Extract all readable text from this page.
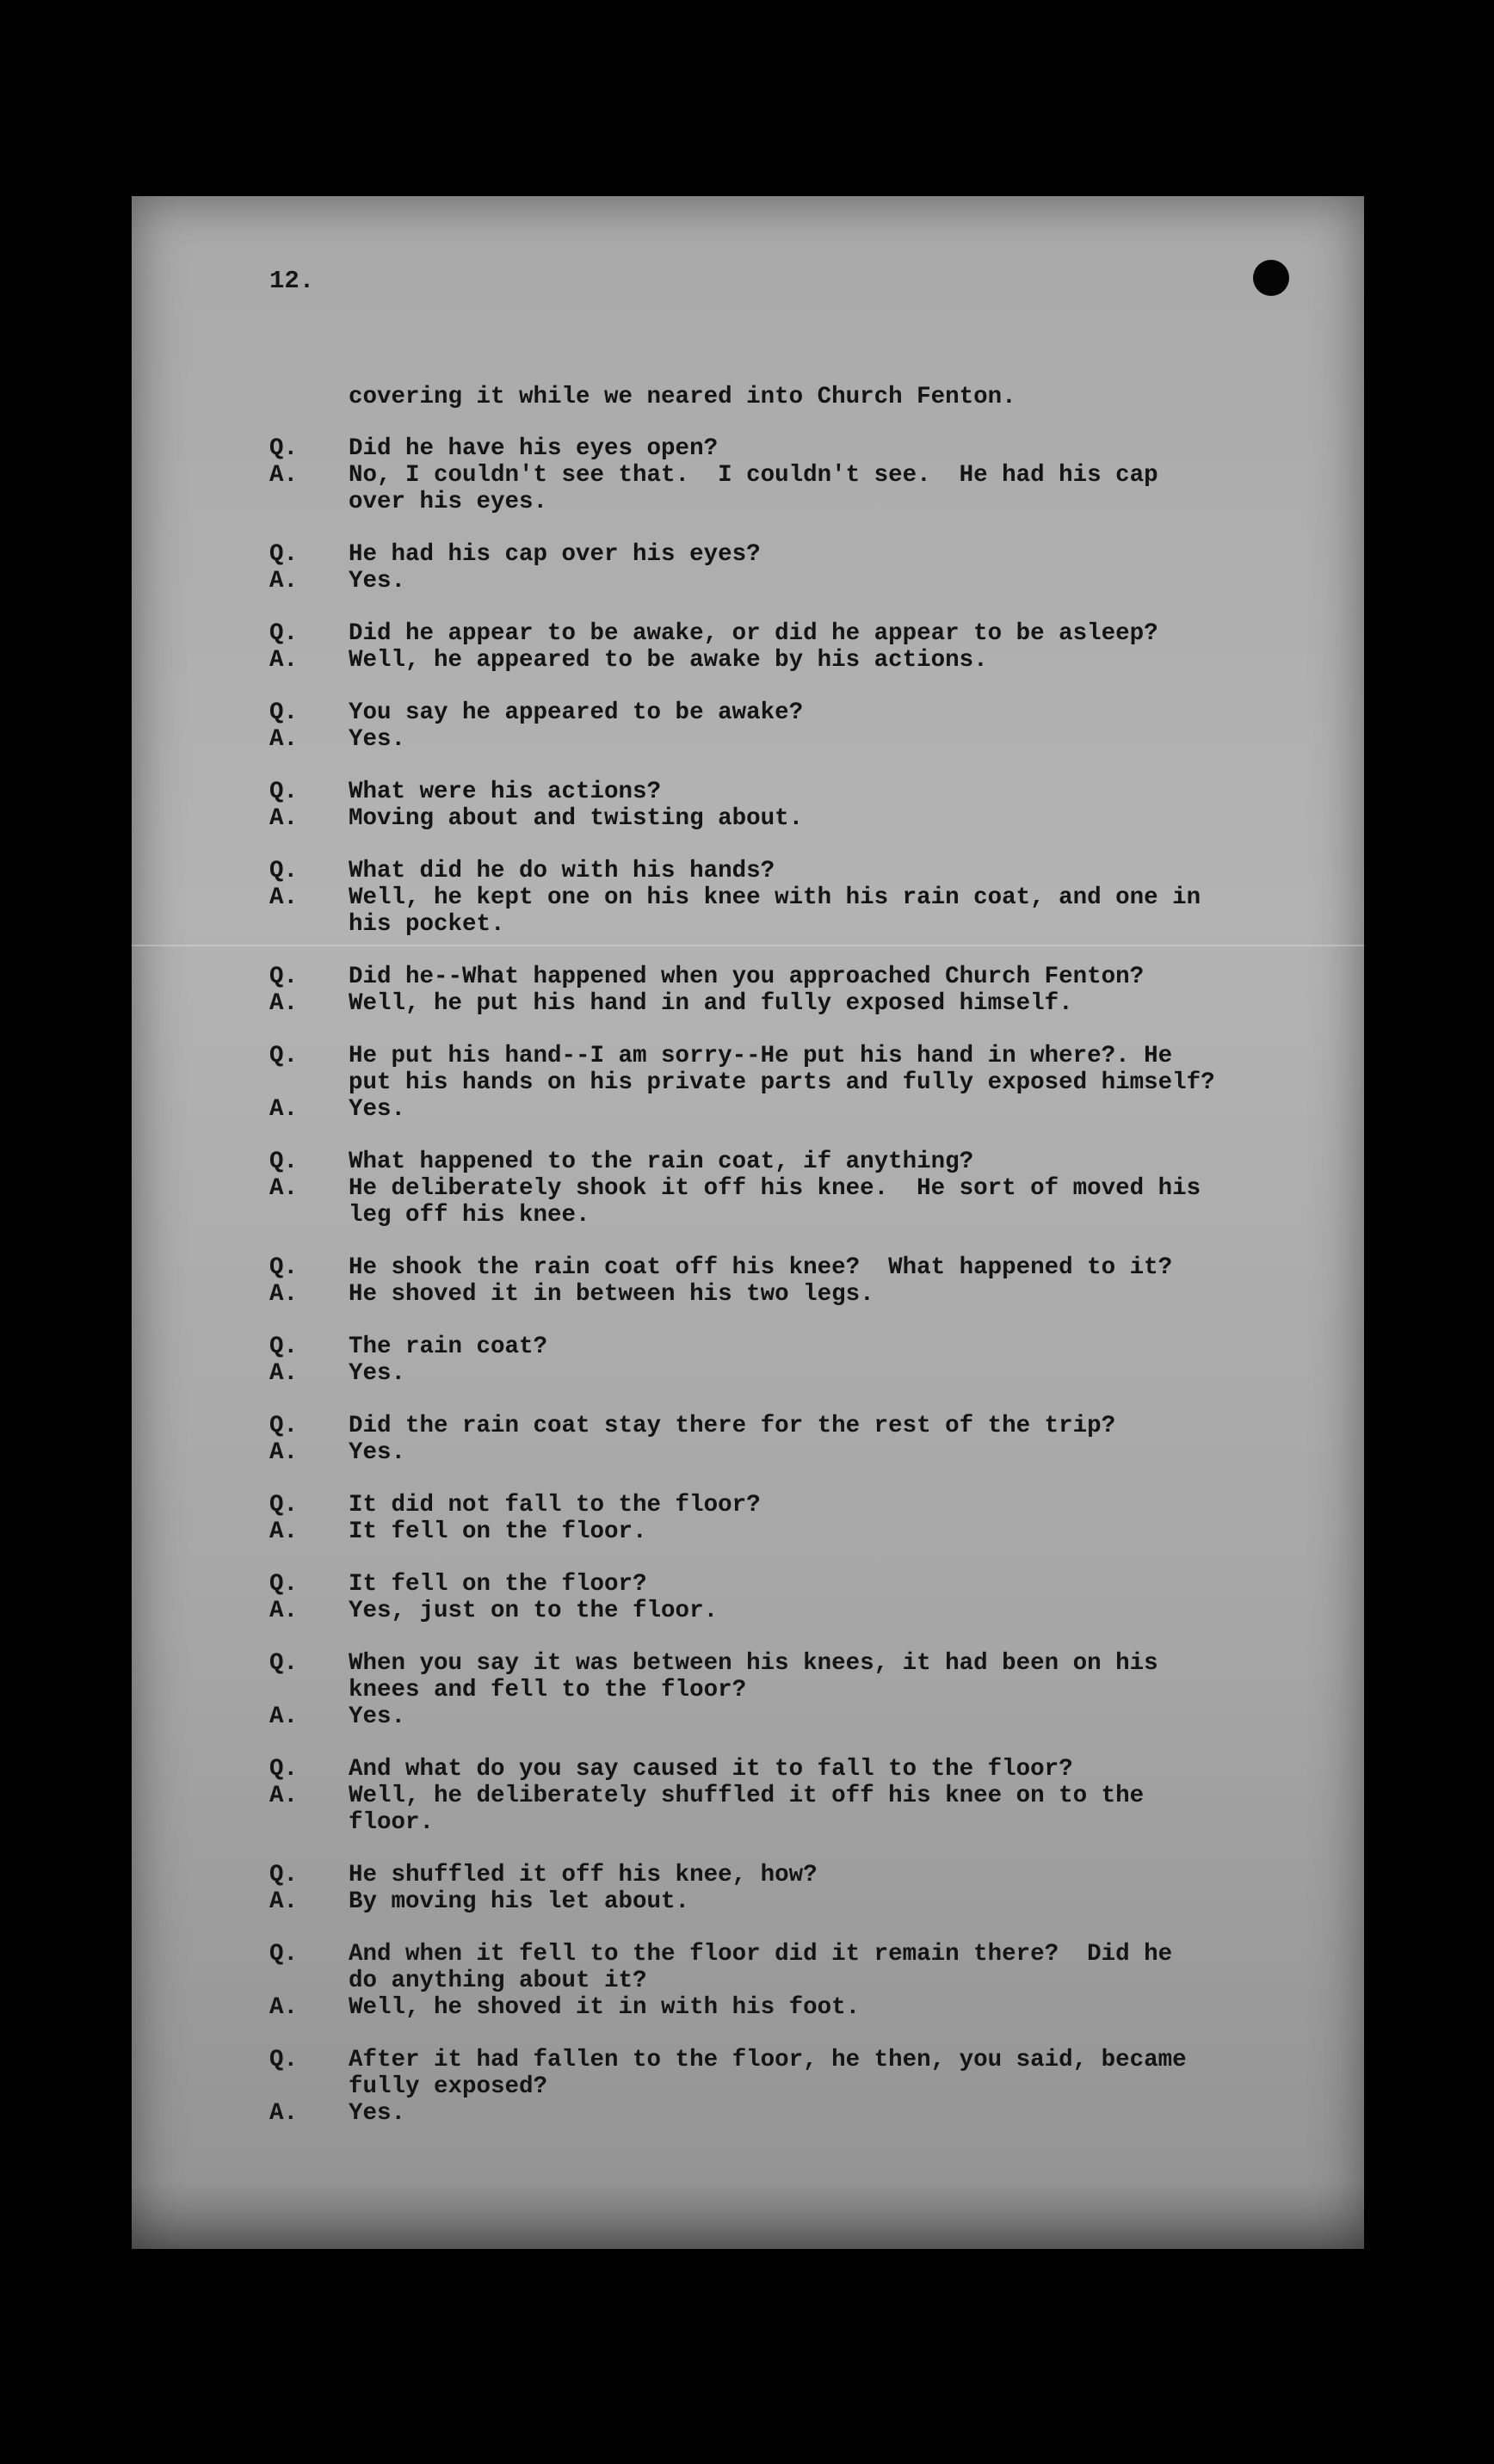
12.
covering it while we neared into Church Fenton.
Q.	Did he have his eyes open?
A.	No, I couldn't see that.  I couldn't see.  He had his cap
over his eyes.
Q.	He had his cap over his eyes?
A.	Yes.
Q.	Did he appear to be awake, or did he appear to be asleep?
A.	Well, he appeared to be awake by his actions.
Q.	You say he appeared to be awake?
A.	Yes.
Q.	What were his actions?
A.	Moving about and twisting about.
Q.	What did he do with his hands?
A.	Well, he kept one on his knee with his rain coat, and one in
his pocket.
Q.	Did he--What happened when you approached Church Fenton?
A.	Well, he put his hand in and fully exposed himself.
Q.	He put his hand--I am sorry--He put his hand in where?. He
put his hands on his private parts and fully exposed himself?
A.	Yes.
Q.	What happened to the rain coat, if anything?
A.	He deliberately shook it off his knee.  He sort of moved his
leg off his knee.
Q.	He shook the rain coat off his knee?  What happened to it?
A.	He shoved it in between his two legs.
Q.	The rain coat?
A.	Yes.
Q.	Did the rain coat stay there for the rest of the trip?
A.	Yes.
Q.	It did not fall to the floor?
A.	It fell on the floor.
Q.	It fell on the floor?
A.	Yes, just on to the floor.
Q.	When you say it was between his knees, it had been on his
knees and fell to the floor?
A.	Yes.
Q.	And what do you say caused it to fall to the floor?
A.	Well, he deliberately shuffled it off his knee on to the
floor.
Q.	He shuffled it off his knee, how?
A.	By moving his let about.
Q.	And when it fell to the floor did it remain there?  Did he
do anything about it?
A.	Well, he shoved it in with his foot.
Q.	After it had fallen to the floor, he then, you said, became
fully exposed?
A.	Yes.
